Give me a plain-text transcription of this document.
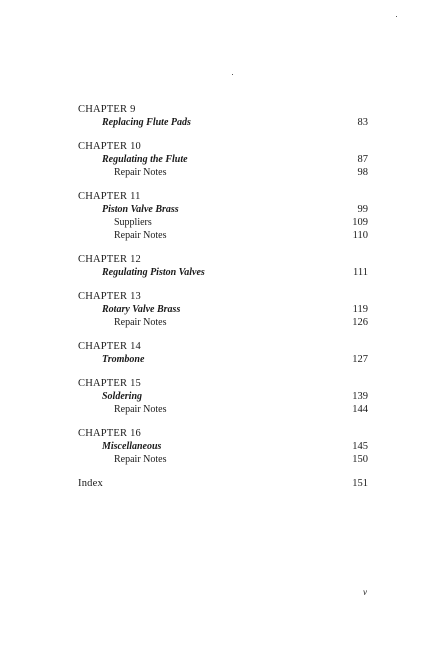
CHAPTER 9
Replacing Flute Pads	83
CHAPTER 10
Regulating the Flute	87
Repair Notes	98
CHAPTER 11
Piston Valve Brass	99
Suppliers	109
Repair Notes	110
CHAPTER 12
Regulating Piston Valves	111
CHAPTER 13
Rotary Valve Brass	119
Repair Notes	126
CHAPTER 14
Trombone	127
CHAPTER 15
Soldering	139
Repair Notes	144
CHAPTER 16
Miscellaneous	145
Repair Notes	150
Index	151
v
